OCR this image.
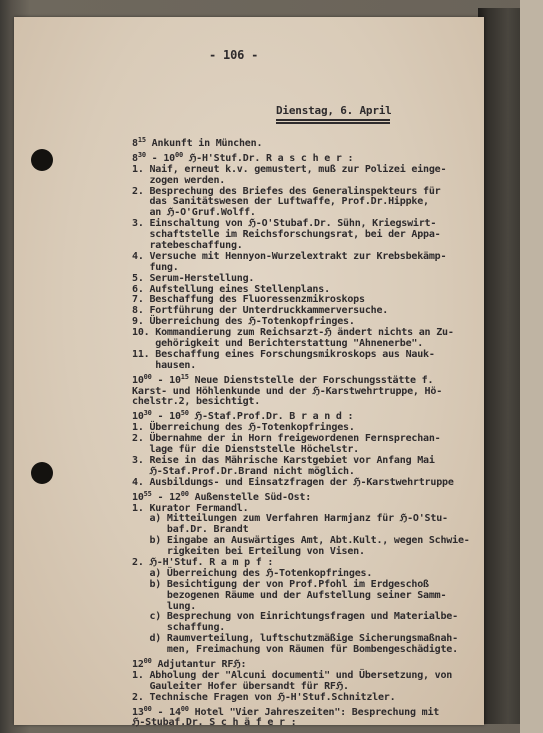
- 106 -
Dienstag, 6. April
$8^{15}$ Ankunft in München.
$8^{30} - 10^{00}$ ℌ-H'Stuf.Dr. R a s c h e r :
1. Naif, erneut k.v. gemustert, muß zur Polizei einge-
zogen werden.
2. Besprechung des Briefes des Generalinspekteurs für
das Sanitätswesen der Luftwaffe, Prof.Dr.Hippke,
an ℌ-O'Gruf.Wolff.
3. Einschaltung von ℌ-O'Stubaf.Dr. Sühn, Kriegswirt-
schaftstelle im Reichsforschungsrat, bei der Appa-
ratebeschaffung.
4. Versuche mit Hennyon-Wurzelextrakt zur Krebsbekämp-
fung.
5. Serum-Herstellung.
6. Aufstellung eines Stellenplans.
7. Beschaffung des Fluoressenzmikroskops
8. Fortführung der Unterdruckkammerversuche.
9. Überreichung des ℌ-Totenkopfringes.
10. Kommandierung zum Reichsarzt-ℌ ändert nichts an Zu-
gehörigkeit und Berichterstattung "Ahnenerbe".
11. Beschaffung eines Forschungsmikroskops aus Nauk-
hausen.
$10^{00} - 10^{15}$ Neue Dienststelle der Forschungsstätte f.
Karst- und Höhlenkunde und der ℌ-Karstwehrtruppe, Hö-
chelstr.2, besichtigt.
$10^{30} - 10^{50}$ ℌ-Staf.Prof.Dr. B r a n d :
1. Überreichung des ℌ-Totenkopfringes.
2. Übernahme der in Horn freigewordenen Fernsprechan-
lage für die Dienststelle Höchelstr.
3. Reise in das Mährische Karstgebiet vor Anfang Mai
ℌ-Staf.Prof.Dr.Brand nicht möglich.
4. Ausbildungs- und Einsatzfragen der ℌ-Karstwehrtruppe
$10^{55} - 12^{00}$ Außenstelle Süd-Ost:
1. Kurator Fermandl.
a) Mitteilungen zum Verfahren Harmjanz für ℌ-O'Stu-
baf.Dr. Brandt
b) Eingabe an Auswärtiges Amt, Abt.Kult., wegen Schwie-
rigkeiten bei Erteilung von Visen.
2. ℌ-H'Stuf. R a m p f :
a) Überreichung des ℌ-Totenkopfringes.
b) Besichtigung der von Prof.Pfohl im Erdgeschoß
bezogenen Räume und der Aufstellung seiner Samm-
lung.
c) Besprechung von Einrichtungsfragen und Materialbe-
schaffung.
d) Raumverteilung, luftschutzmäßige Sicherungsmaßnah-
men, Freimachung von Räumen für Bombengeschädigte.
$12^{00}$ Adjutantur RFℌ:
1. Abholung der "Alcuni documenti" und Übersetzung, von
Gauleiter Hofer übersandt für RFℌ.
2. Technische Fragen von ℌ-H'Stuf.Schnitzler.
$13^{00} - 14^{00}$ Hotel "Vier Jahreszeiten": Besprechung mit
ℌ-Stubaf.Dr. S c h ä f e r :
